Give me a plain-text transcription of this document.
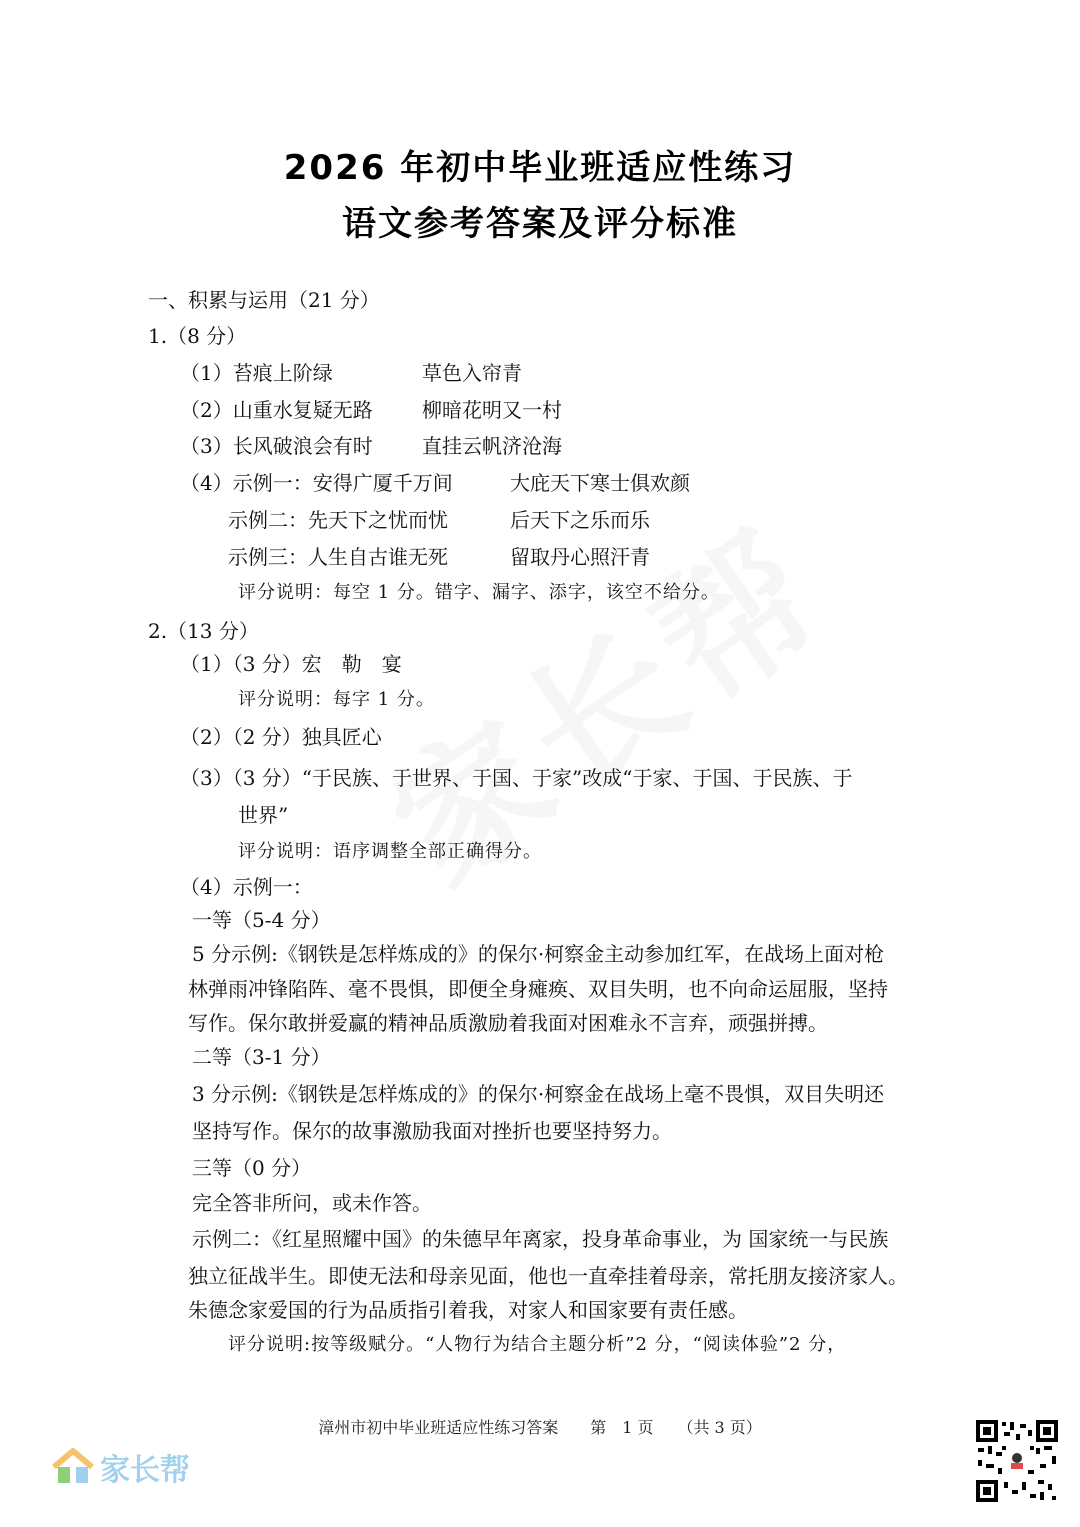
2026 年初中毕业班适应性练习
语文参考答案及评分标准
一、积累与运用（21 分）
1.（8 分）
（1）苔痕上阶绿	草色入帘青
（2）山重水复疑无路 柳暗花明又一村
（3）长风破浪会有时 直挂云帆济沧海
（4）示例一：安得广厦千万间	大庇天下寒士俱欢颜
示例二：先天下之忧而忧	后天下之乐而乐
示例三：人生自古谁无死	留取丹心照汗青
评分说明：每空 1 分。错字、漏字、添字，该空不给分。
2.（13 分）
（1）（3 分）宏　勒　宴
评分说明：每字 1 分。
（2）（2 分）独具匠心
（3）（3 分）“于民族、于世界、于国、于家”改成“于家、于国、于民族、于
世界”
评分说明：语序调整全部正确得分。
（4）示例一：
一等（5-4 分）
5 分示例:《钢铁是怎样炼成的》的保尔·柯察金主动参加红军，在战场上面对枪
林弹雨冲锋陷阵、毫不畏惧，即便全身瘫痪、双目失明，也不向命运屈服，坚持
写作。保尔敢拼爱赢的精神品质激励着我面对困难永不言弃，顽强拼搏。
二等（3-1 分）
3 分示例:《钢铁是怎样炼成的》的保尔·柯察金在战场上毫不畏惧，双目失明还
坚持写作。保尔的故事激励我面对挫折也要坚持努力。
三等（0 分）
完全答非所问，或未作答。
示例二：《红星照耀中国》的朱德早年离家，投身革命事业，为 国家统一与民族
独立征战半生。即使无法和母亲见面，他也一直牵挂着母亲，常托朋友接济家人。
朱德念家爱国的行为品质指引着我，对家人和国家要有责任感。
评分说明:按等级赋分。“人物行为结合主题分析”2 分，“阅读体验”2 分，
漳州市初中毕业班适应性练习答案　　第　1 页　　（共 3 页）
家长帮
